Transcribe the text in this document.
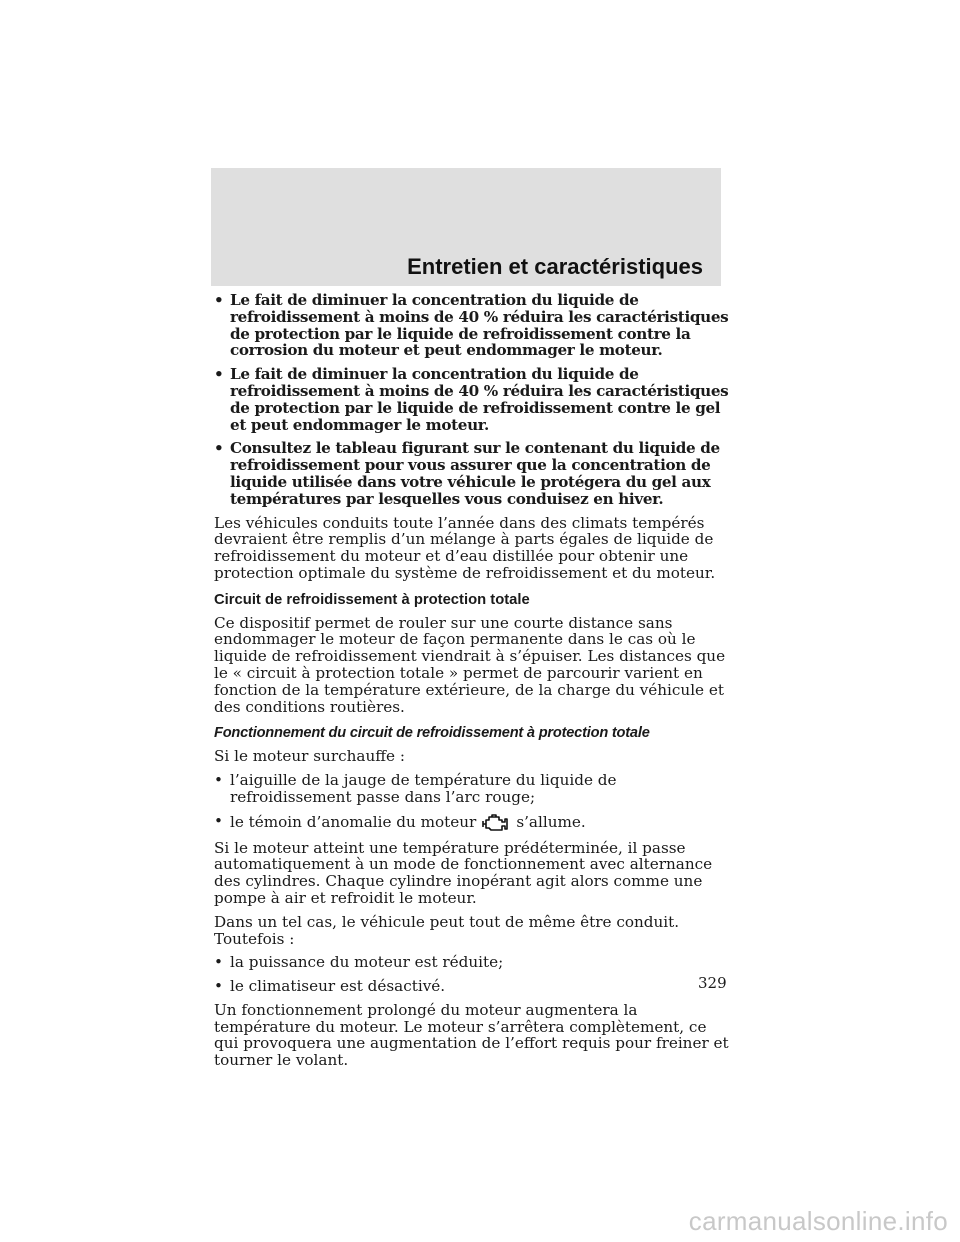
Entretien et caractéristiques
• Le fait de diminuer la concentration du liquide de refroidissement à moins de 40 % réduira les caractéristiques de protection par le liquide de refroidissement contre la corrosion du moteur et peut endommager le moteur.
• Le fait de diminuer la concentration du liquide de refroidissement à moins de 40 % réduira les caractéristiques de protection par le liquide de refroidissement contre le gel et peut endommager le moteur.
• Consultez le tableau figurant sur le contenant du liquide de refroidissement pour vous assurer que la concentration de liquide utilisée dans votre véhicule le protégera du gel aux températures par lesquelles vous conduisez en hiver.

Les véhicules conduits toute l’année dans des climats tempérés devraient être remplis d’un mélange à parts égales de liquide de refroidissement du moteur et d’eau distillée pour obtenir une protection optimale du système de refroidissement et du moteur.

Circuit de refroidissement à protection totale

Ce dispositif permet de rouler sur une courte distance sans endommager le moteur de façon permanente dans le cas où le liquide de refroidissement viendrait à s’épuiser. Les distances que le « circuit à protection totale » permet de parcourir varient en fonction de la température extérieure, de la charge du véhicule et des conditions routières.

Fonctionnement du circuit de refroidissement à protection totale

Si le moteur surchauffe :

• l’aiguille de la jauge de température du liquide de refroidissement passe dans l’arc rouge;
• le témoin d’anomalie du moteur	s’allume.

Si le moteur atteint une température prédéterminée, il passe automatiquement à un mode de fonctionnement avec alternance des cylindres. Chaque cylindre inopérant agit alors comme une pompe à air et refroidit le moteur.

Dans un tel cas, le véhicule peut tout de même être conduit. Toutefois :

• la puissance du moteur est réduite;
• le climatiseur est désactivé.

Un fonctionnement prolongé du moteur augmentera la température du moteur. Le moteur s’arrêtera complètement, ce qui provoquera une augmentation de l’effort requis pour freiner et tourner le volant.

329
carmanualsonline.info
